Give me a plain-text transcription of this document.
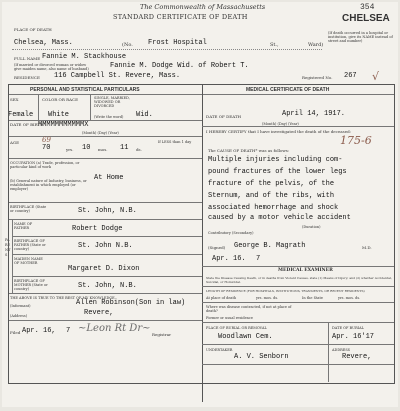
The Commonwealth of Massachusetts	354
STANDARD CERTIFICATE OF DEATH	CHELSEA
(If death occurred in a hospital or institution, give its NAME instead of street and number)
PLACE OF DEATH
Chelsea, Mass.	(No. Frost Hospital	St.,	Ward)
FULL NAME Fannie M. Stackhouse
(If married or divorced woman or widow
give maiden name, also name of husband)	Fannie M. Dodge Wid. of Robert T.
RESIDENCE 116 Campbell St. Revere, Mass.	Registered No. 267 √
PERSONAL AND STATISTICAL PARTICULARS	MEDICAL CERTIFICATE OF DEATH
SEX	COLOR OR RACE	SINGLE, MARRIED, WIDOWED OR DIVORCED
(Write the word)
Female White	Wid.
DATE OF BIRTH
MMMMMMMMMMMX
(Month) (Day) (Year)
AGE	69
70	yrs. 10 mos. 11 ds.
If LESS than 1 day
OCCUPATION (a) Trade, profession, or particular kind of work
(b) General nature of Industry, business, or establishment in which employed (or employer)
At Home
BIRTHPLACE (State or country)	St. John, N.B.
PARENTS
NAME OF FATHER	Robert Dodge
BIRTHPLACE OF FATHER (State or country)	St. John N.B.
MAIDEN NAME OF MOTHER
Margaret D. Dixon
BIRTHPLACE OF MOTHER (State or country)	St. John, N.B.
THE ABOVE IS TRUE TO THE BEST OF MY KNOWLEDGE
(Informant)	Allen Robinson(Son in law)
(Address)	Revere,
Filed Apr. 16, 7 ~Leon Rt Dr~
Registrar
DATE OF DEATH	April 14, 1917.
(Month) (Day) (Year)
I HEREBY CERTIFY that I have investigated the death of the deceased:
175-6
The CAUSE OF DEATH* was as follows:
Multiple injuries including com-
pound fractures of the lower legs
fracture of the pelvis, of the
Sternum, and of the ribs, with
associated hemorrhage and shock
caused by a motor vehicle accident
(Duration)
Contributory (Secondary)
(Signed) George B. Magrath	M.D.
Apr. 16. 7
MEDICAL EXAMINER
State the Disease Causing Death, or in deaths from Violent Causes, state (1) Means of Injury; and (2) whether Accidental, Suicidal, or Homicidal.
LENGTH OF RESIDENCE (FOR HOSPITALS, INSTITUTIONS, TRANSIENTS, OR RECENT RESIDENTS)
At place of death	yrs. mos. ds.	In the State	yrs. mos. ds.
Where was disease contracted, if not at place of death?
Former or usual residence
PLACE OF BURIAL OR REMOVAL	DATE OF BURIAL
Woodlawn Cem.	Apr. 16'17
UNDERTAKER	ADDRESS
A. V. Senborn	Revere,
